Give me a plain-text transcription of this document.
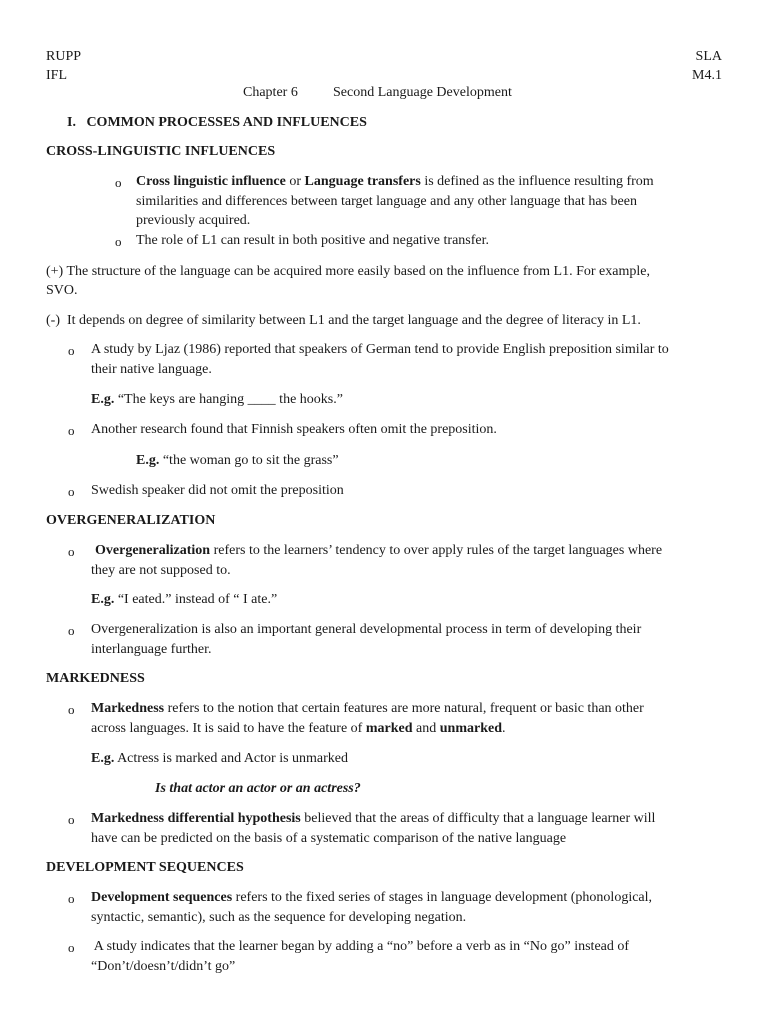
RUPP
IFL
SLA
M4.1
Chapter 6	Second Language Development
I.   COMMON PROCESSES AND INFLUENCES
CROSS-LINGUISTIC INFLUENCES
o Cross linguistic influence or Language transfers is defined as the influence resulting from
similarities and differences between target language and any other language that has been
previously acquired.
o The role of L1 can result in both positive and negative transfer.
(+) The structure of the language can be acquired more easily based on the influence from L1. For example,
SVO.
(-)  It depends on degree of similarity between L1 and the target language and the degree of literacy in L1.
o A study by Ljaz (1986) reported that speakers of German tend to provide English preposition similar to
their native language.
E.g. “The keys are hanging ____ the hooks.”
o Another research found that Finnish speakers often omit the preposition.
E.g. “the woman go to sit the grass”
o Swedish speaker did not omit the preposition
OVERGENERALIZATION
o Overgeneralization refers to the learners’ tendency to over apply rules of the target languages where
they are not supposed to.
E.g. “I eated.” instead of “ I ate.”
o Overgeneralization is also an important general developmental process in term of developing their
interlanguage further.
MARKEDNESS
o Markedness refers to the notion that certain features are more natural, frequent or basic than other
across languages. It is said to have the feature of marked and unmarked.
E.g. Actress is marked and Actor is unmarked
Is that actor an actor or an actress?
o Markedness differential hypothesis believed that the areas of difficulty that a language learner will
have can be predicted on the basis of a systematic comparison of the native language
DEVELOPMENT SEQUENCES
o Development sequences refers to the fixed series of stages in language development (phonological,
syntactic, semantic), such as the sequence for developing negation.
o A study indicates that the learner began by adding a “no” before a verb as in “No go” instead of
“Don’t/doesn’t/didn’t go”
